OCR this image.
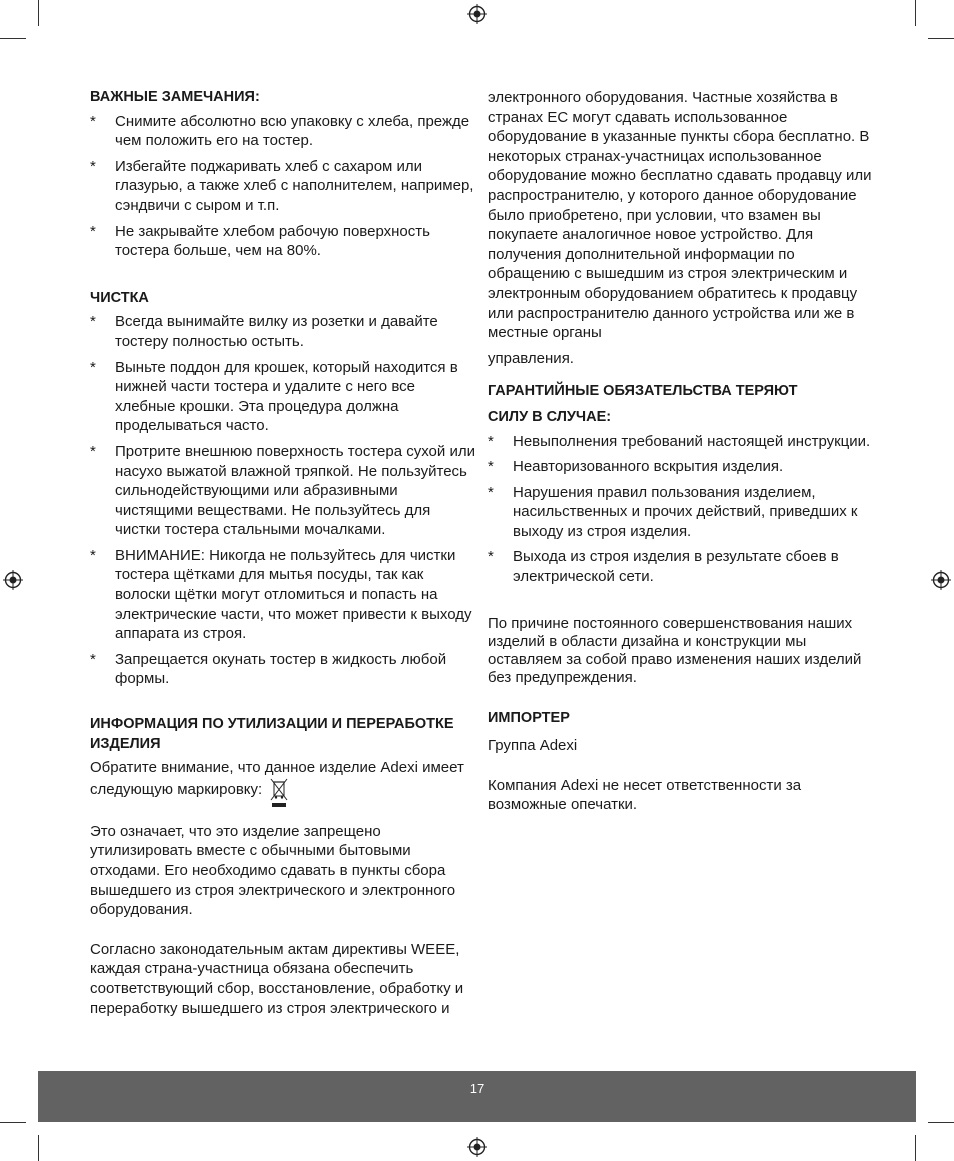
ВАЖНЫЕ ЗАМЕЧАНИЯ:

* Снимите абсолютно всю упаковку с хлеба, прежде чем положить его на тостер.
* Избегайте поджаривать хлеб с сахаром или глазурью, а также хлеб с наполнителем, например, сэндвичи с сыром и т.п.
* Не закрывайте хлебом рабочую поверхность тостера больше, чем на 80%.

ЧИСТКА

* Всегда вынимайте вилку из розетки и давайте тостеру полностью остыть.
* Выньте поддон для крошек, который находится в нижней части тостера и удалите с него все хлебные крошки. Эта процедура должна проделываться часто.
* Протрите внешнюю поверхность тостера сухой или насухо выжатой влажной тряпкой. Не пользуйтесь сильнодействующими или абразивными чистящими веществами. Не пользуйтесь для чистки тостера стальными мочалками.
* ВНИМАНИЕ: Никогда не пользуйтесь для чистки тостера щётками для мытья посуды, так как волоски щётки могут отломиться и попасть на электрические части, что может привести к выходу аппарата из строя.
* Запрещается окунать тостер в жидкость любой формы.

ИНФОРМАЦИЯ ПО УТИЛИЗАЦИИ И ПЕРЕРАБОТКЕ ИЗДЕЛИЯ

Обратите внимание, что данное изделие Adexi имеет следующую маркировку:

Это означает, что это изделие запрещено утилизировать вместе с обычными бытовыми отходами. Его необходимо сдавать в пункты сбора вышедшего из строя электрического и электронного оборудования.

Согласно законодательным актам директивы WEEE, каждая страна-участница обязана обеспечить соответствующий сбор, восстановление, обработку и переработку вышедшего из строя электрического и

электронного оборудования. Частные хозяйства в странах ЕС могут сдавать использованное оборудование в указанные пункты сбора бесплатно. В некоторых странах-участницах использованное оборудование можно бесплатно сдавать продавцу или распространителю, у которого данное оборудование было приобретено, при условии, что взамен вы покупаете аналогичное новое устройство. Для получения дополнительной информации по обращению с вышедшим из строя электрическим и электронным оборудованием обратитесь к продавцу или распространителю данного устройства или же в местные органы

управления.

ГАРАНТИЙНЫЕ ОБЯЗАТЕЛЬСТВА ТЕРЯЮТ

СИЛУ В СЛУЧАЕ:

* Невыполнения требований настоящей инструкции.
* Неавторизованного вскрытия изделия.
* Нарушения правил пользования изделием, насильственных и прочих действий, приведших к выходу из строя изделия.
* Выхода из строя изделия в результате сбоев в электрической сети.

По причине постоянного совершенствования наших изделий в области дизайна и конструкции мы оставляем за собой право изменения наших изделий без предупреждения.

ИМПОРТЕР

Группа Adexi

Компания Adexi не несет ответственности за возможные опечатки.

17
